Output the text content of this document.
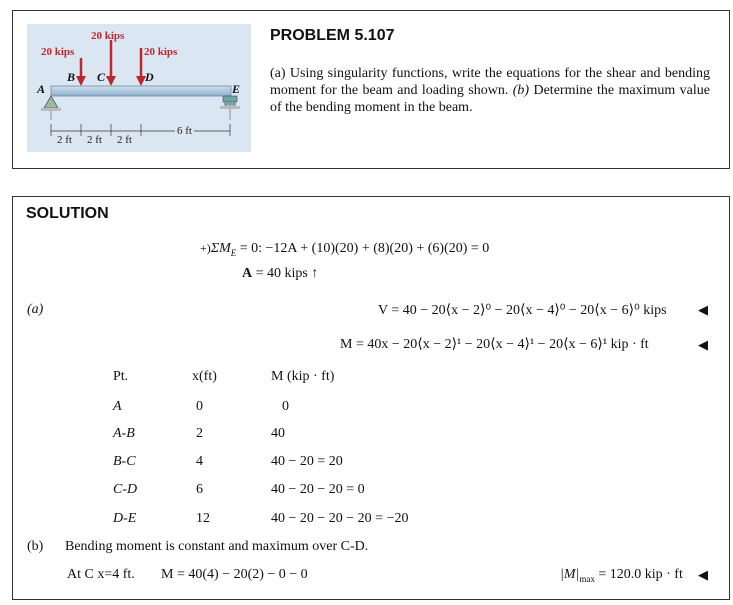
20 kips
20 kips
20 kips
A
B C	D
E
2 ft 2 ft 2 ft
6 ft
PROBLEM 5.107
(a) Using singularity functions, write the equations for the shear and bending moment for the beam and loading shown. (b) Determine the maximum value of the bending moment in the beam.
SOLUTION
$+)\Sigma M_E = 0$: −12A + (10)(20) + (8)(20) + (6)(20) = 0
A = 40 kips ↑
(a)	V = 40 − 20⟨x − 2⟩⁰ − 20⟨x − 4⟩⁰ − 20⟨x − 6⟩⁰ kips ◀
M = 40x − 20⟨x − 2⟩¹ − 20⟨x − 4⟩¹ − 20⟨x − 6⟩¹ kip · ft	◀
Pt.	x(ft)	M (kip · ft)
A	0	0
A-B	2	40
B-C	4	40 − 20 = 20
C-D	6	40 − 20 − 20 = 0
D-E	12	40 − 20 − 20 − 20 = −20
(b) Bending moment is constant and maximum over C-D.
At C x=4 ft. M = 40(4) − 20(2) − 0 − 0	$|M|_{max} = 120.0$ kip · ft ◀
